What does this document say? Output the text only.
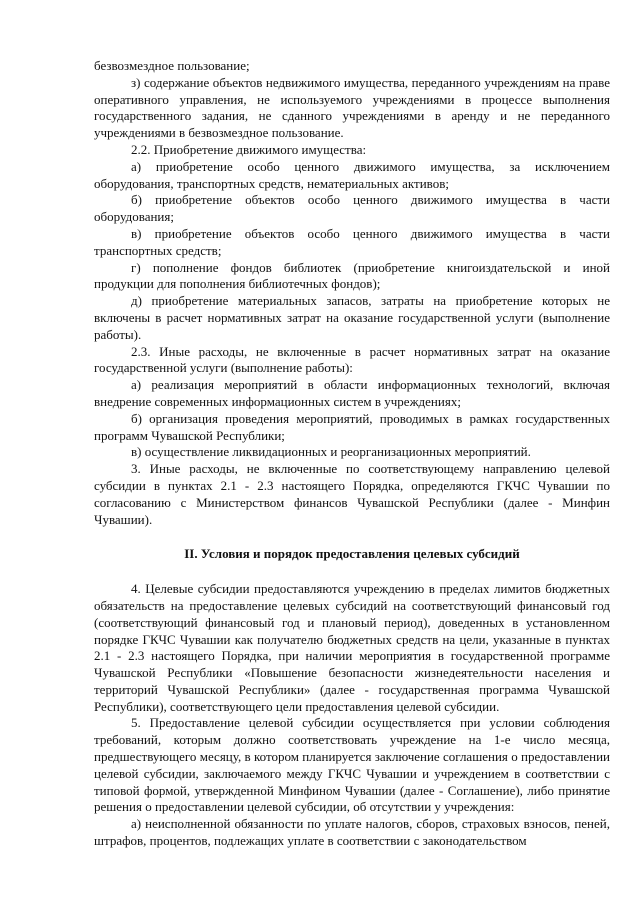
безвозмездное пользование;

з) содержание объектов недвижимого имущества, переданного учреждениям на праве оперативного управления, не используемого учреждениями в процессе выполнения государственного задания, не сданного учреждениями в аренду и не переданного учреждениями в безвозмездное пользование.

2.2. Приобретение движимого имущества:

а) приобретение особо ценного движимого имущества, за исключением оборудования, транспортных средств, нематериальных активов;

б) приобретение объектов особо ценного движимого имущества в части оборудования;

в) приобретение объектов особо ценного движимого имущества в части транспортных средств;

г) пополнение фондов библиотек (приобретение книгоиздательской и иной продукции для пополнения библиотечных фондов);

д) приобретение материальных запасов, затраты на приобретение которых не включены в расчет нормативных затрат на оказание государственной услуги (выполнение работы).

2.3. Иные расходы, не включенные в расчет нормативных затрат на оказание государственной услуги (выполнение работы):

а) реализация мероприятий в области информационных технологий, включая внедрение современных информационных систем в учреждениях;

б) организация проведения мероприятий, проводимых в рамках государственных программ Чувашской Республики;

в) осуществление ликвидационных и реорганизационных мероприятий.

3. Иные расходы, не включенные по соответствующему направлению целевой субсидии в пунктах 2.1 - 2.3 настоящего Порядка, определяются ГКЧС Чувашии по согласованию с Министерством финансов Чувашской Республики (далее - Минфин Чувашии).

II. Условия и порядок предоставления целевых субсидий

4. Целевые субсидии предоставляются учреждению в пределах лимитов бюджетных обязательств на предоставление целевых субсидий на соответствующий финансовый год (соответствующий финансовый год и плановый период), доведенных в установленном порядке ГКЧС Чувашии как получателю бюджетных средств на цели, указанные в пунктах 2.1 - 2.3 настоящего Порядка, при наличии мероприятия в государственной программе Чувашской Республики «Повышение безопасности жизнедеятельности населения и территорий Чувашской Республики» (далее - государственная программа Чувашской Республики), соответствующего цели предоставления целевой субсидии.

5. Предоставление целевой субсидии осуществляется при условии соблюдения требований, которым должно соответствовать учреждение на 1-е число месяца, предшествующего месяцу, в котором планируется заключение соглашения о предоставлении целевой субсидии, заключаемого между ГКЧС Чувашии и учреждением в соответствии с типовой формой, утвержденной Минфином Чувашии (далее - Соглашение), либо принятие решения о предоставлении целевой субсидии, об отсутствии у учреждения:

а) неисполненной обязанности по уплате налогов, сборов, страховых взносов, пеней, штрафов, процентов, подлежащих уплате в соответствии с законодательством
